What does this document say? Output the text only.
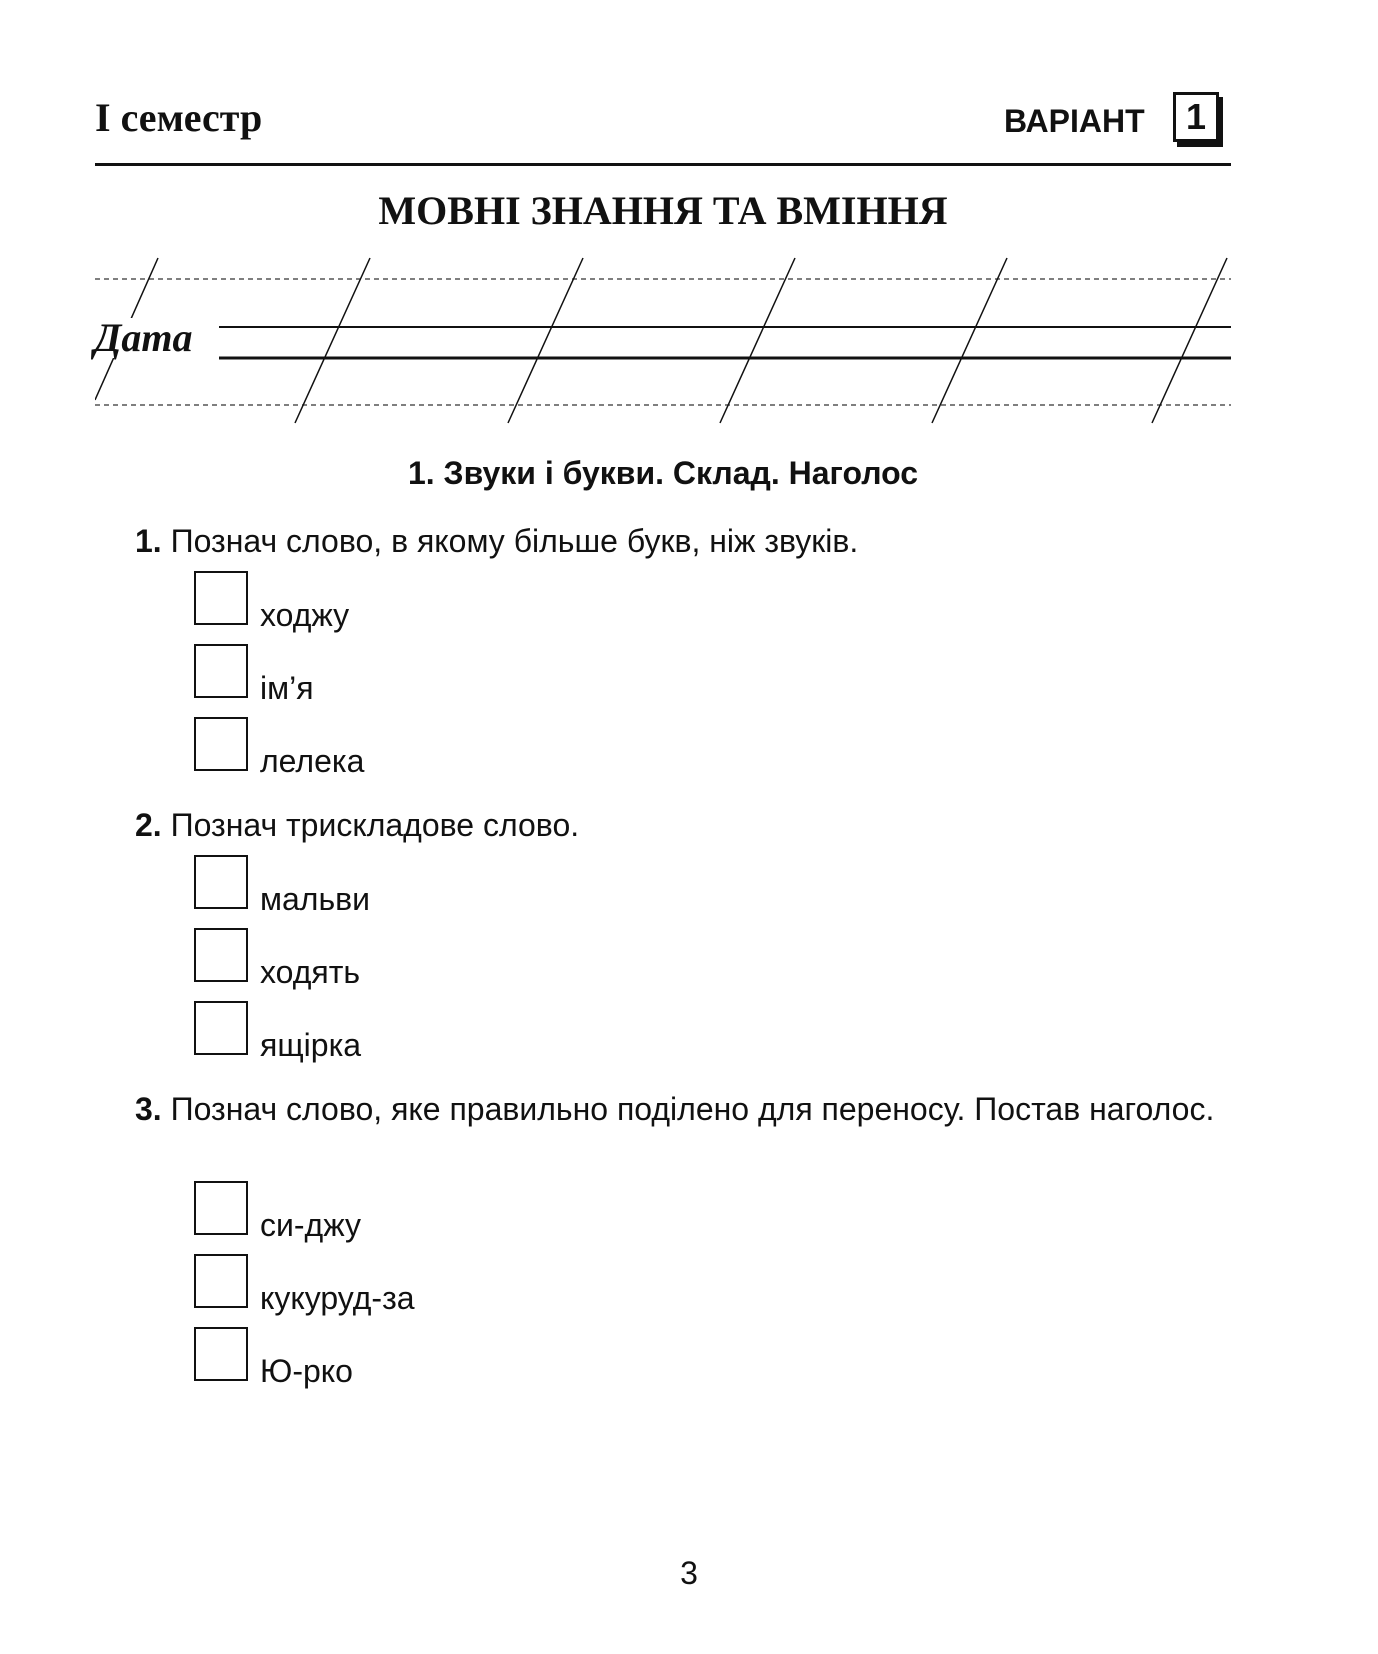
I семестр	ВАРІАНТ	1
МОВНІ ЗНАННЯ ТА ВМІННЯ
Дата
1. Звуки і букви. Склад. Наголос
1. Познач слово, в якому більше букв, ніж звуків.
ходжу
ім’я
лелека
2. Познач трискладове слово.
мальви
ходять
ящірка
3. Познач слово, яке правильно поділено для переносу. Постав наголос.
си-джу
кукуруд-за
Ю-рко
3
